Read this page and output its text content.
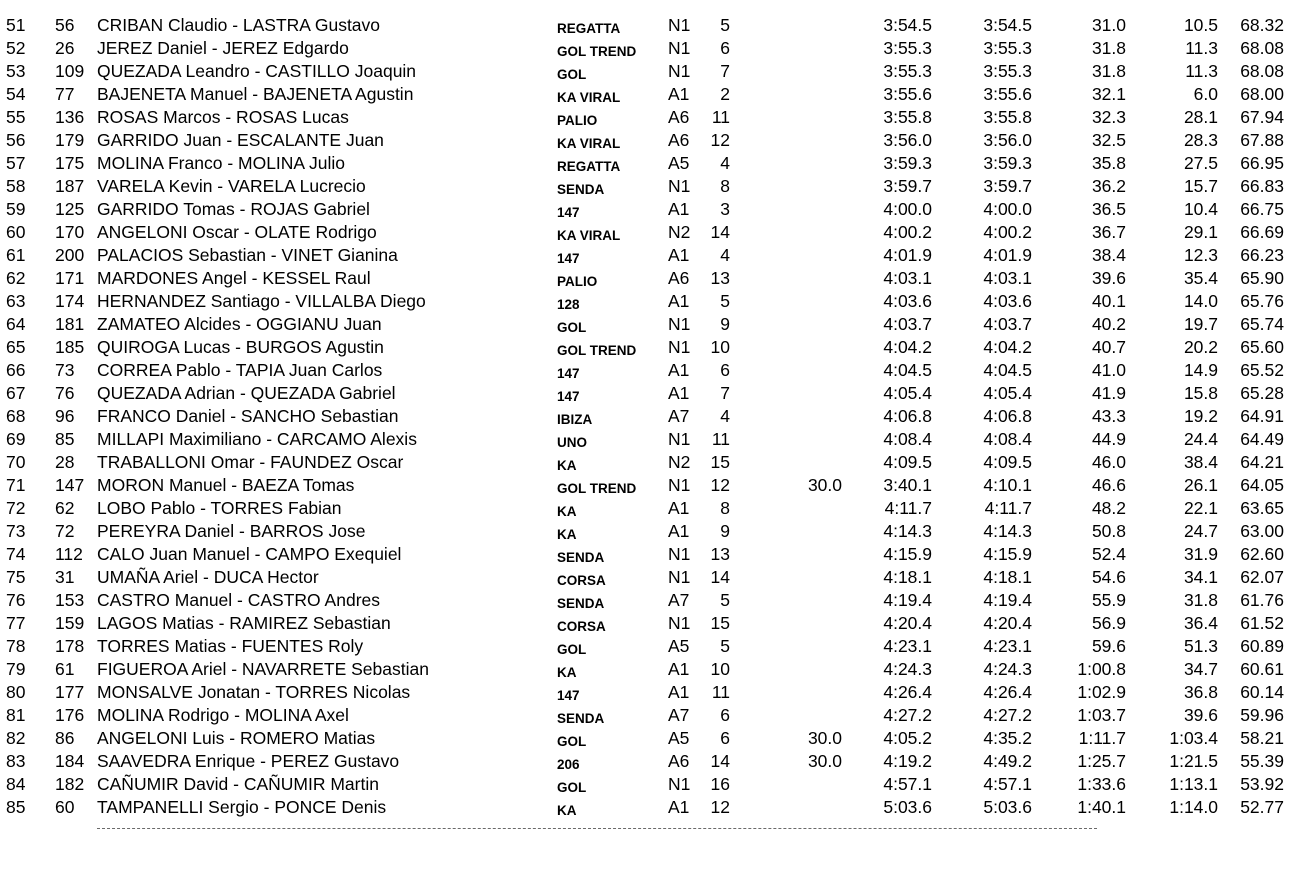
51	56	CRIBAN Claudio - LASTRA Gustavo	REGATTA	N1	5	3:54.5	3:54.5	31.0	10.5	68.32
52	26	JEREZ Daniel - JEREZ Edgardo	GOL TREND	N1	6	3:55.3	3:55.3	31.8	11.3	68.08
53	109 QUEZADA Leandro - CASTILLO Joaquin	GOL	N1	7	3:55.3	3:55.3	31.8	11.3	68.08
54	77	BAJENETA Manuel - BAJENETA Agustin	KA VIRAL	A1	2	3:55.6	3:55.6	32.1	6.0	68.00
55	136 ROSAS Marcos - ROSAS Lucas	PALIO	A6	11	3:55.8	3:55.8	32.3	28.1	67.94
56	179 GARRIDO Juan - ESCALANTE Juan	KA VIRAL	A6	12	3:56.0	3:56.0	32.5	28.3	67.88
57	175 MOLINA Franco - MOLINA Julio	REGATTA	A5	4	3:59.3	3:59.3	35.8	27.5	66.95
58	187 VARELA Kevin - VARELA Lucrecio	SENDA	N1	8	3:59.7	3:59.7	36.2	15.7	66.83
59	125 GARRIDO Tomas - ROJAS Gabriel	147	A1	3	4:00.0	4:00.0	36.5	10.4	66.75
60	170 ANGELONI Oscar - OLATE Rodrigo	KA VIRAL	N2	14	4:00.2	4:00.2	36.7	29.1	66.69
61	200 PALACIOS Sebastian - VINET Gianina	147	A1	4	4:01.9	4:01.9	38.4	12.3	66.23
62	171 MARDONES Angel - KESSEL Raul	PALIO	A6	13	4:03.1	4:03.1	39.6	35.4	65.90
63	174 HERNANDEZ Santiago - VILLALBA Diego	128	A1	5	4:03.6	4:03.6	40.1	14.0	65.76
64	181 ZAMATEO Alcides - OGGIANU Juan	GOL	N1	9	4:03.7	4:03.7	40.2	19.7	65.74
65	185 QUIROGA Lucas - BURGOS Agustin	GOL TREND	N1	10	4:04.2	4:04.2	40.7	20.2	65.60
66	73	CORREA Pablo - TAPIA Juan Carlos	147	A1	6	4:04.5	4:04.5	41.0	14.9	65.52
67	76	QUEZADA Adrian - QUEZADA Gabriel	147	A1	7	4:05.4	4:05.4	41.9	15.8	65.28
68	96	FRANCO Daniel - SANCHO Sebastian	IBIZA	A7	4	4:06.8	4:06.8	43.3	19.2	64.91
69	85	MILLAPI Maximiliano - CARCAMO Alexis	UNO	N1	11	4:08.4	4:08.4	44.9	24.4	64.49
70	28	TRABALLONI Omar - FAUNDEZ Oscar	KA	N2	15	4:09.5	4:09.5	46.0	38.4	64.21
71	147 MORON Manuel - BAEZA Tomas	GOL TREND	N1	12	30.0	3:40.1	4:10.1	46.6	26.1	64.05
72	62	LOBO Pablo - TORRES Fabian	KA	A1	8	4:11.7	4:11.7	48.2	22.1	63.65
73	72	PEREYRA Daniel - BARROS Jose	KA	A1	9	4:14.3	4:14.3	50.8	24.7	63.00
74	112 CALO Juan Manuel - CAMPO Exequiel	SENDA	N1	13	4:15.9	4:15.9	52.4	31.9	62.60
75	31	UMAÑA Ariel - DUCA Hector	CORSA	N1	14	4:18.1	4:18.1	54.6	34.1	62.07
76	153 CASTRO Manuel - CASTRO Andres	SENDA	A7	5	4:19.4	4:19.4	55.9	31.8	61.76
77	159 LAGOS Matias - RAMIREZ Sebastian	CORSA	N1	15	4:20.4	4:20.4	56.9	36.4	61.52
78	178 TORRES Matias - FUENTES Roly	GOL	A5	5	4:23.1	4:23.1	59.6	51.3	60.89
79	61	FIGUEROA Ariel - NAVARRETE Sebastian	KA	A1	10	4:24.3	4:24.3	1:00.8	34.7	60.61
80	177 MONSALVE Jonatan - TORRES Nicolas	147	A1	11	4:26.4	4:26.4	1:02.9	36.8	60.14
81	176 MOLINA Rodrigo - MOLINA Axel	SENDA	A7	6	4:27.2	4:27.2	1:03.7	39.6	59.96
82	86	ANGELONI Luis - ROMERO Matias	GOL	A5	6	30.0	4:05.2	4:35.2	1:11.7	1:03.4	58.21
83	184 SAAVEDRA Enrique - PEREZ Gustavo	206	A6	14	30.0	4:19.2	4:49.2	1:25.7	1:21.5	55.39
84	182 CAÑUMIR David - CAÑUMIR Martin	GOL	N1	16	4:57.1	4:57.1	1:33.6	1:13.1	53.92
85	60	TAMPANELLI Sergio - PONCE Denis	KA	A1	12	5:03.6	5:03.6	1:40.1	1:14.0	52.77
